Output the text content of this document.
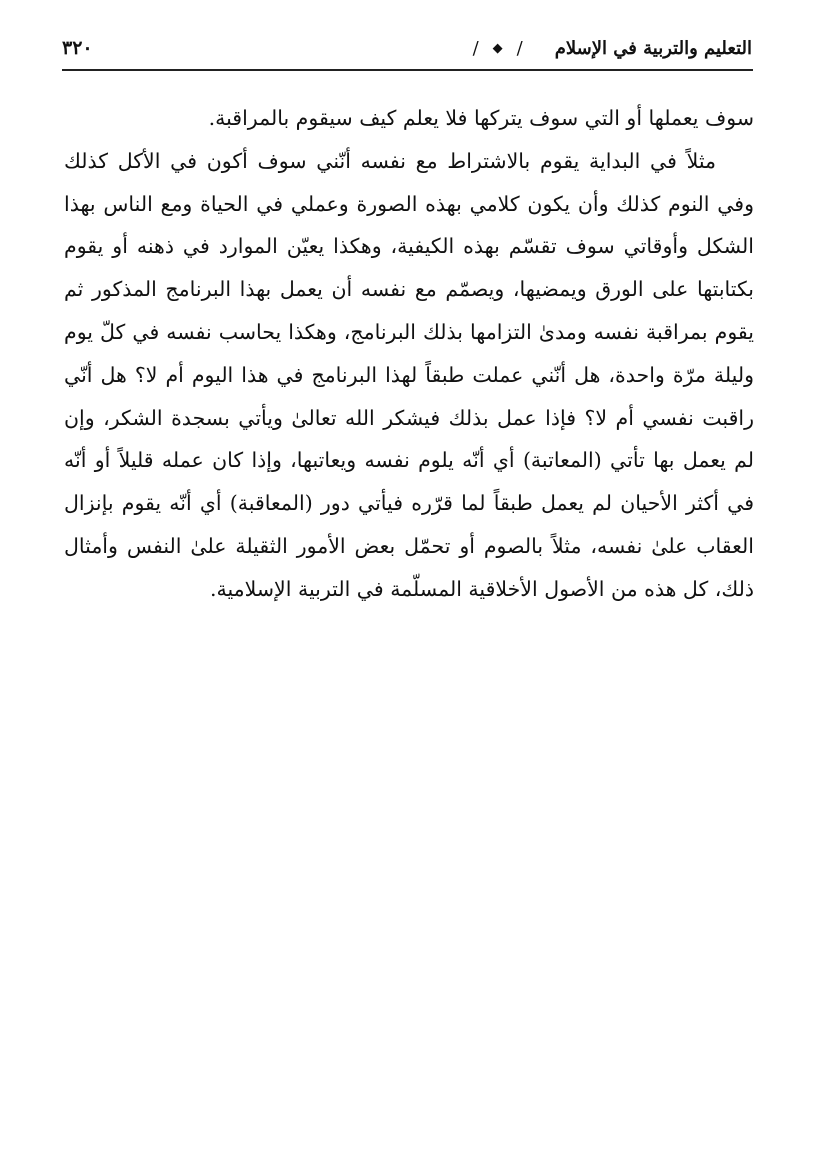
التعليم والتربية في الإسلام
/
◆
/
٣٢٠

سوف يعملها أو التي سوف يتركها فلا يعلم كيف سيقوم بالمراقبة.

مثلاً في البداية يقوم بالاشتراط مع نفسه أنّني سوف أكون في الأكل كذلك وفي النوم كذلك وأن يكون كلامي بهذه الصورة وعملي في الحياة ومع الناس بهذا الشكل وأوقاتي سوف تقسّم بهذه الكيفية، وهكذا يعيّن الموارد في ذهنه أو يقوم بكتابتها على الورق ويمضيها، ويصمّم مع نفسه أن يعمل بهذا البرنامج المذكور ثم يقوم بمراقبة نفسه ومدىٰ التزامها بذلك البرنامج، وهكذا يحاسب نفسه في كلّ يوم وليلة مرّة واحدة، هل أنّني عملت طبقاً لهذا البرنامج في هذا اليوم أم لا؟ هل أنّي راقبت نفسي أم لا؟ فإذا عمل بذلك فيشكر الله تعالىٰ ويأتي بسجدة الشكر، وإن لم يعمل بها تأتي (المعاتبة) أي أنّه يلوم نفسه ويعاتبها، وإذا كان عمله قليلاً أو أنّه في أكثر الأحيان لم يعمل طبقاً لما قرّره فيأتي دور (المعاقبة) أي أنّه يقوم بإنزال العقاب علىٰ نفسه، مثلاً بالصوم أو تحمّل بعض الأمور الثقيلة علىٰ النفس وأمثال ذلك، كل هذه من الأصول الأخلاقية المسلّمة في التربية الإسلامية.
